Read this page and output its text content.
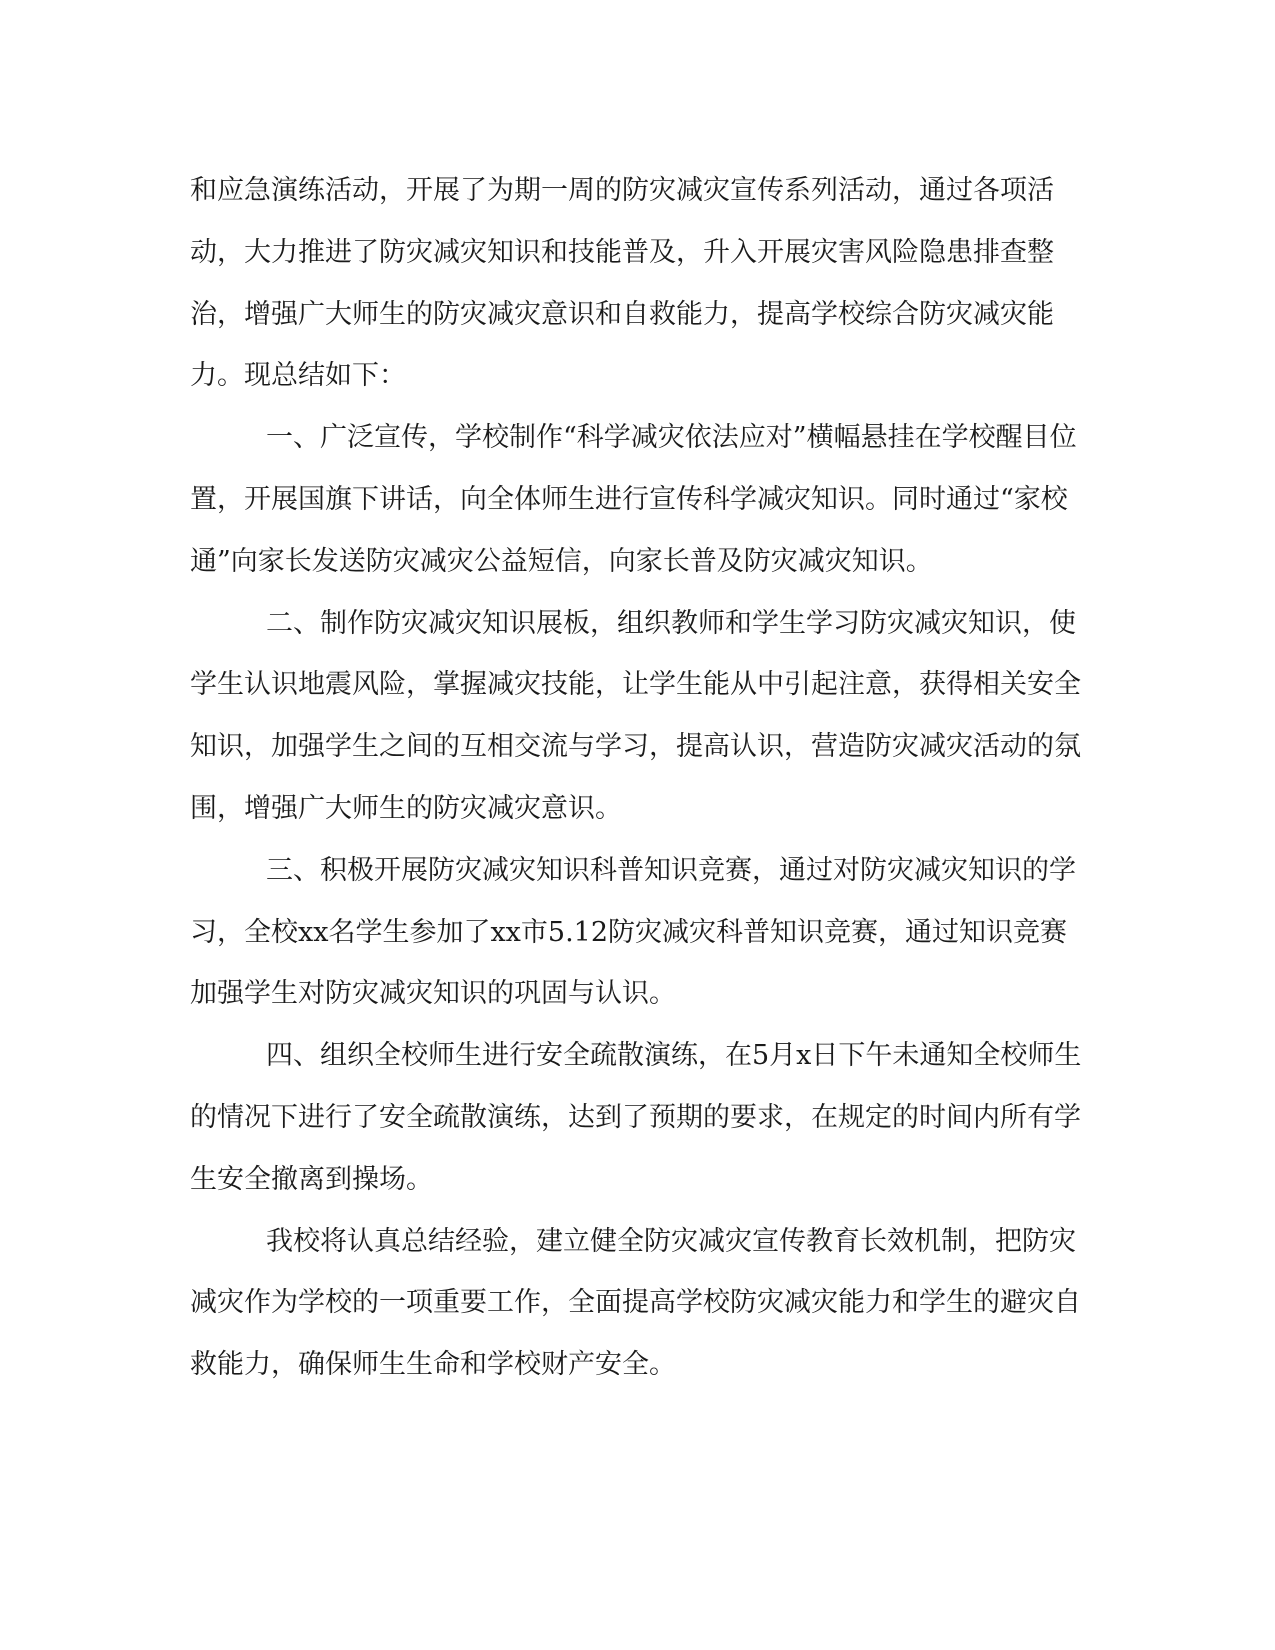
和应急演练活动，开展了为期一周的防灾减灾宣传系列活动，通过各项活动，大力推进了防灾减灾知识和技能普及，升入开展灾害风险隐患排查整治，增强广大师生的防灾减灾意识和自救能力，提高学校综合防灾减灾能力。现总结如下：

一、广泛宣传，学校制作“科学减灾依法应对”横幅悬挂在学校醒目位置，开展国旗下讲话，向全体师生进行宣传科学减灾知识。同时通过“家校通”向家长发送防灾减灾公益短信，向家长普及防灾减灾知识。

二、制作防灾减灾知识展板，组织教师和学生学习防灾减灾知识，使学生认识地震风险，掌握减灾技能，让学生能从中引起注意，获得相关安全知识，加强学生之间的互相交流与学习，提高认识，营造防灾减灾活动的氛围，增强广大师生的防灾减灾意识。

三、积极开展防灾减灾知识科普知识竞赛，通过对防灾减灾知识的学习，全校xx名学生参加了xx市5.12防灾减灾科普知识竞赛，通过知识竞赛加强学生对防灾减灾知识的巩固与认识。

四、组织全校师生进行安全疏散演练，在5月x日下午未通知全校师生的情况下进行了安全疏散演练，达到了预期的要求，在规定的时间内所有学生安全撤离到操场。

我校将认真总结经验，建立健全防灾减灾宣传教育长效机制，把防灾减灾作为学校的一项重要工作，全面提高学校防灾减灾能力和学生的避灾自救能力，确保师生生命和学校财产安全。
